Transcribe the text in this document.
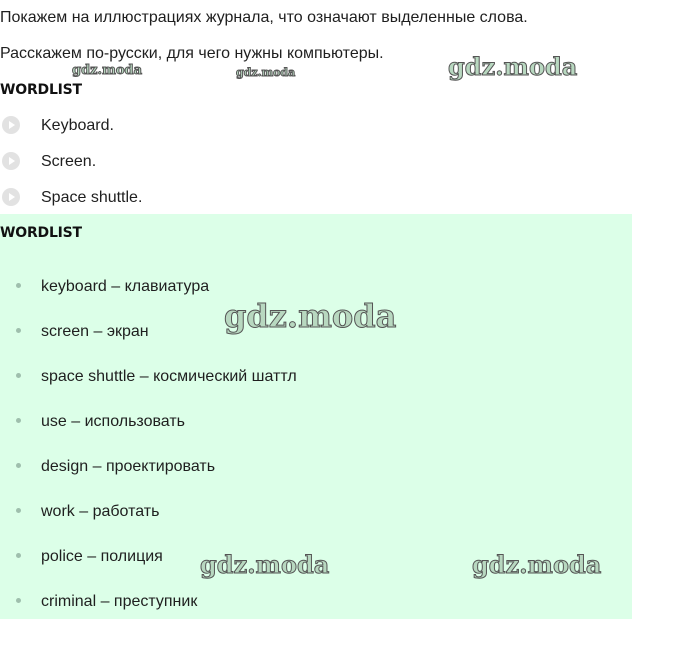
Покажем на иллюстрациях журнала, что означают выделенные слова.
Расскажем по-русски, для чего нужны компьютеры.
WORDLIST
Keyboard.
Screen.
Space shuttle.
WORDLIST
keyboard – клавиатура
screen – экран
space shuttle – космический шаттл
use – использовать
design – проектировать
work – работать
police – полиция
criminal – преступник
gdz.moda	gdz.moda	gdz.moda
gdz.moda
gdz.moda	gdz.moda
